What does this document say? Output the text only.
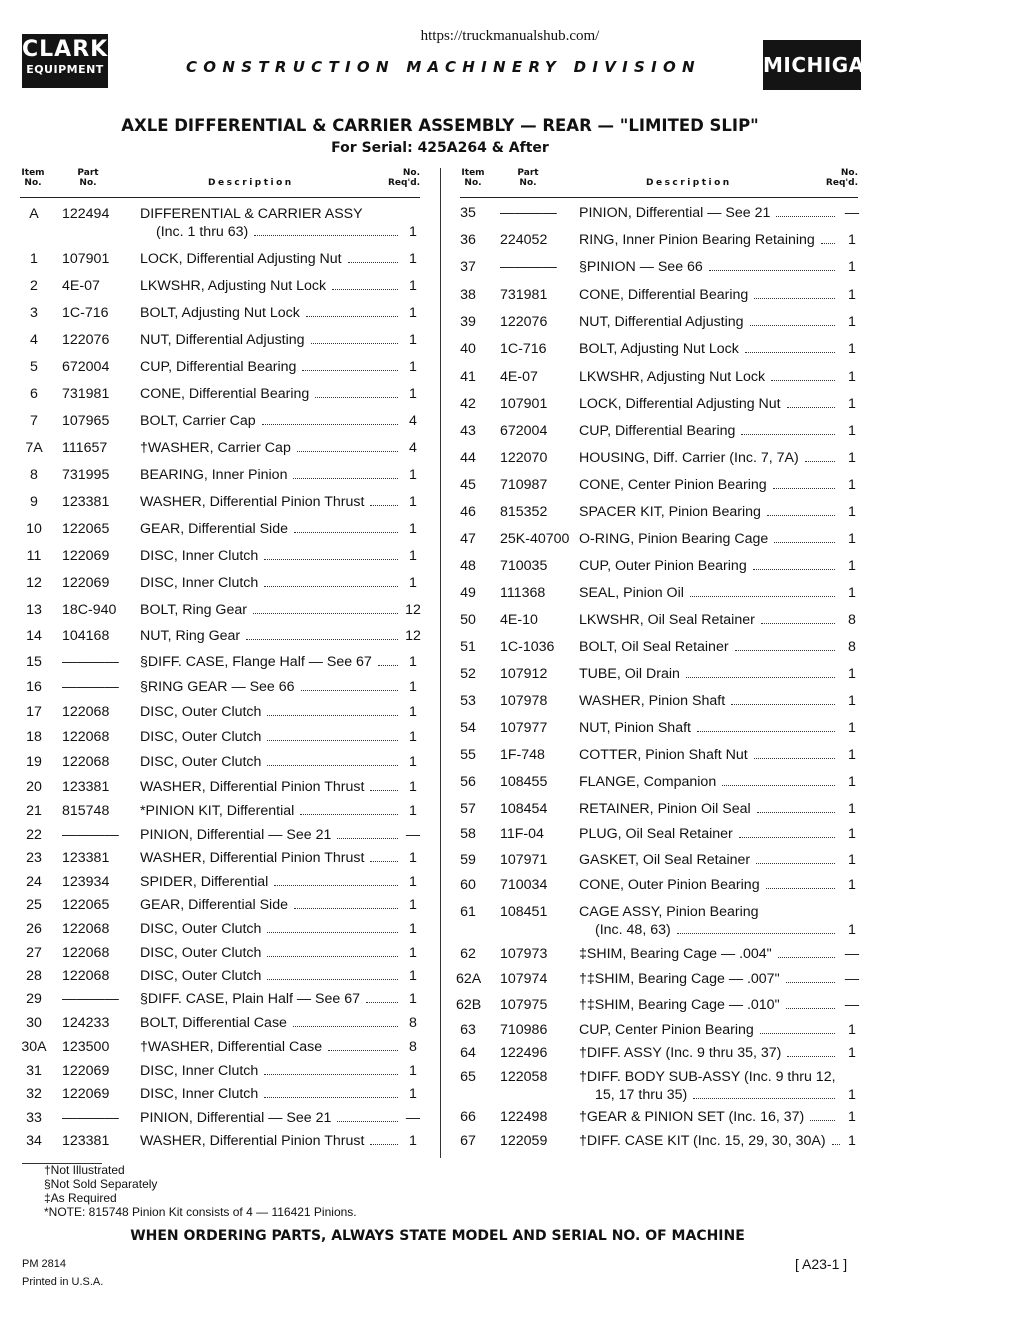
https://truckmanualshub.com/
CLARK
EQUIPMENT	CONSTRUCTION MACHINERY DIVISION	MICHIGAN
AXLE DIFFERENTIAL & CARRIER ASSEMBLY — REAR — "LIMITED SLIP"
For Serial: 425A264 & After
Item
No.
Part
No.	Description
No.
Req'd.
Item
No.
Part
No.	Description
No.
Req'd.
A	122494 DIFFERENTIAL & CARRIER ASSY
(Inc. 1 thru 63)	1
1	107901 LOCK, Differential Adjusting Nut	1
2	4E-07	LKWSHR, Adjusting Nut Lock	1
3	1C-716 BOLT, Adjusting Nut Lock	1
4	122076 NUT, Differential Adjusting	1
5	672004 CUP, Differential Bearing	1
6	731981 CONE, Differential Bearing	1
7	107965 BOLT, Carrier Cap	4
7A	111657 †WASHER, Carrier Cap	4
8	731995 BEARING, Inner Pinion	1
9	123381 WASHER, Differential Pinion Thrust	1
10	122065 GEAR, Differential Side	1
11	122069 DISC, Inner Clutch	1
12	122069 DISC, Inner Clutch	1
13	18C-940 BOLT, Ring Gear	12
14	104168 NUT, Ring Gear	12
15	———— §DIFF. CASE, Flange Half — See 67	1
16	———— §RING GEAR — See 66	1
17	122068 DISC, Outer Clutch	1
18	122068 DISC, Outer Clutch	1
19	122068 DISC, Outer Clutch	1
20	123381 WASHER, Differential Pinion Thrust	1
21	815748 *PINION KIT, Differential	1
22	———— PINION, Differential — See 21	—
23	123381 WASHER, Differential Pinion Thrust	1
24	123934 SPIDER, Differential	1
25	122065 GEAR, Differential Side	1
26	122068 DISC, Outer Clutch	1
27	122068 DISC, Outer Clutch	1
28	122068 DISC, Outer Clutch	1
29	———— §DIFF. CASE, Plain Half — See 67	1
30	124233 BOLT, Differential Case	8
30A 123500 †WASHER, Differential Case	8
31	122069 DISC, Inner Clutch	1
32	122069 DISC, Inner Clutch	1
33	———— PINION, Differential — See 21	—
34	123381 WASHER, Differential Pinion Thrust	1
35 ———— PINION, Differential — See 21	—
36 224052 RING, Inner Pinion Bearing Retaining	1
37 ———— §PINION — See 66	1
38 731981 CONE, Differential Bearing	1
39 122076 NUT, Differential Adjusting	1
40 1C-716 BOLT, Adjusting Nut Lock	1
41 4E-07	LKWSHR, Adjusting Nut Lock	1
42 107901 LOCK, Differential Adjusting Nut	1
43 672004 CUP, Differential Bearing	1
44 122070 HOUSING, Diff. Carrier (Inc. 7, 7A)	1
45 710987 CONE, Center Pinion Bearing	1
46 815352 SPACER KIT, Pinion Bearing	1
47 25K-40700 O-RING, Pinion Bearing Cage	1
48 710035 CUP, Outer Pinion Bearing	1
49 111368 SEAL, Pinion Oil	1
50 4E-10	LKWSHR, Oil Seal Retainer	8
51 1C-1036 BOLT, Oil Seal Retainer	8
52 107912 TUBE, Oil Drain	1
53 107978 WASHER, Pinion Shaft	1
54 107977 NUT, Pinion Shaft	1
55 1F-748 COTTER, Pinion Shaft Nut	1
56 108455 FLANGE, Companion	1
57 108454 RETAINER, Pinion Oil Seal	1
58 11F-04 PLUG, Oil Seal Retainer	1
59 107971 GASKET, Oil Seal Retainer	1
60 710034 CONE, Outer Pinion Bearing	1
61 108451 CAGE ASSY, Pinion Bearing
(Inc. 48, 63)	1
62 107973 ‡SHIM, Bearing Cage — .004"	—
62A 107974 †‡SHIM, Bearing Cage — .007"	—
62B 107975 †‡SHIM, Bearing Cage — .010"	—
63 710986 CUP, Center Pinion Bearing	1
64 122496 †DIFF. ASSY (Inc. 9 thru 35, 37)	1
65 122058 †DIFF. BODY SUB-ASSY (Inc. 9 thru 12,
15, 17 thru 35)	1
66 122498 †GEAR & PINION SET (Inc. 16, 37)	1
67 122059 †DIFF. CASE KIT (Inc. 15, 29, 30, 30A)	1
†Not Illustrated
§Not Sold Separately
‡As Required
*NOTE: 815748 Pinion Kit consists of 4 — 116421 Pinions.
WHEN ORDERING PARTS, ALWAYS STATE MODEL AND SERIAL NO. OF MACHINE
PM 2814
Printed in U.S.A.
[ A23-1 ]
